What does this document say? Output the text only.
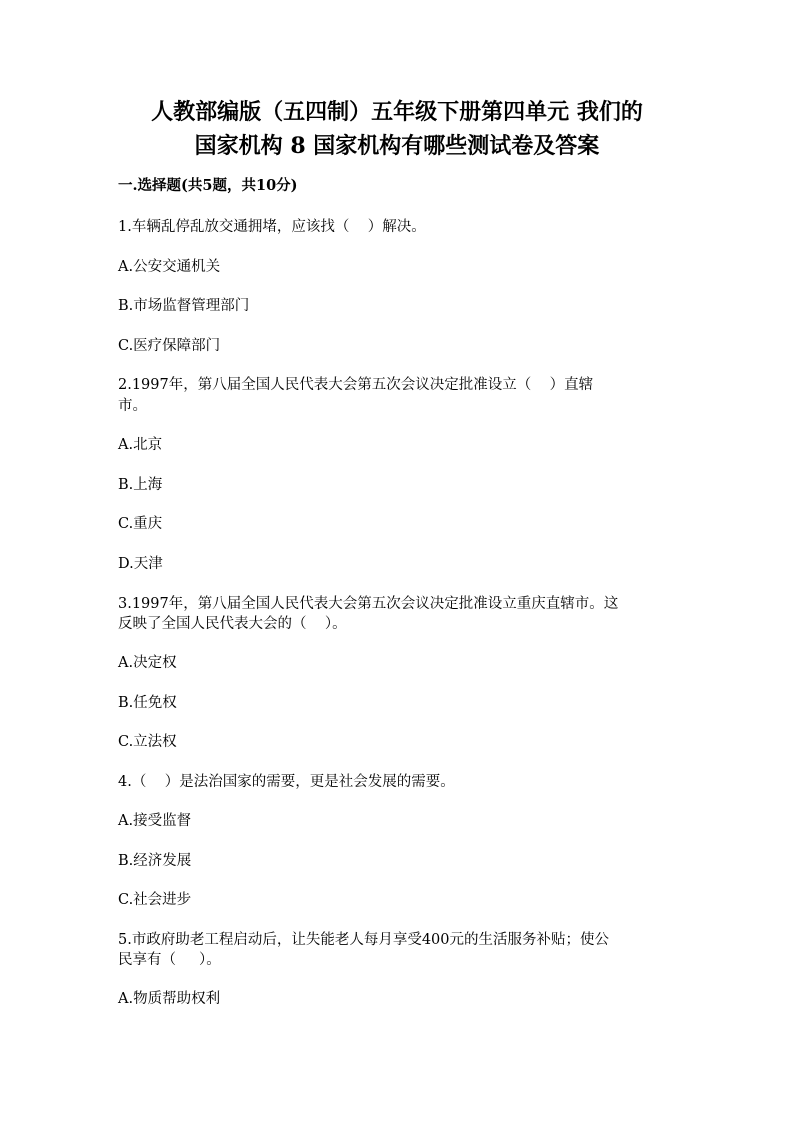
人教部编版（五四制）五年级下册第四单元 我们的
国家机构 8 国家机构有哪些测试卷及答案
一.选择题(共5题，共10分)
1.车辆乱停乱放交通拥堵，应该找（    ）解决。
A.公安交通机关
B.市场监督管理部门
C.医疗保障部门
2.1997年，第八届全国人民代表大会第五次会议决定批准设立（    ）直辖
市。
A.北京
B.上海
C.重庆
D.天津
3.1997年，第八届全国人民代表大会第五次会议决定批准设立重庆直辖市。这
反映了全国人民代表大会的（    ）。
A.决定权
B.任免权
C.立法权
4.（    ）是法治国家的需要，更是社会发展的需要。
A.接受监督
B.经济发展
C.社会进步
5.市政府助老工程启动后，让失能老人每月享受400元的生活服务补贴；使公
民享有（     ）。
A.物质帮助权利
